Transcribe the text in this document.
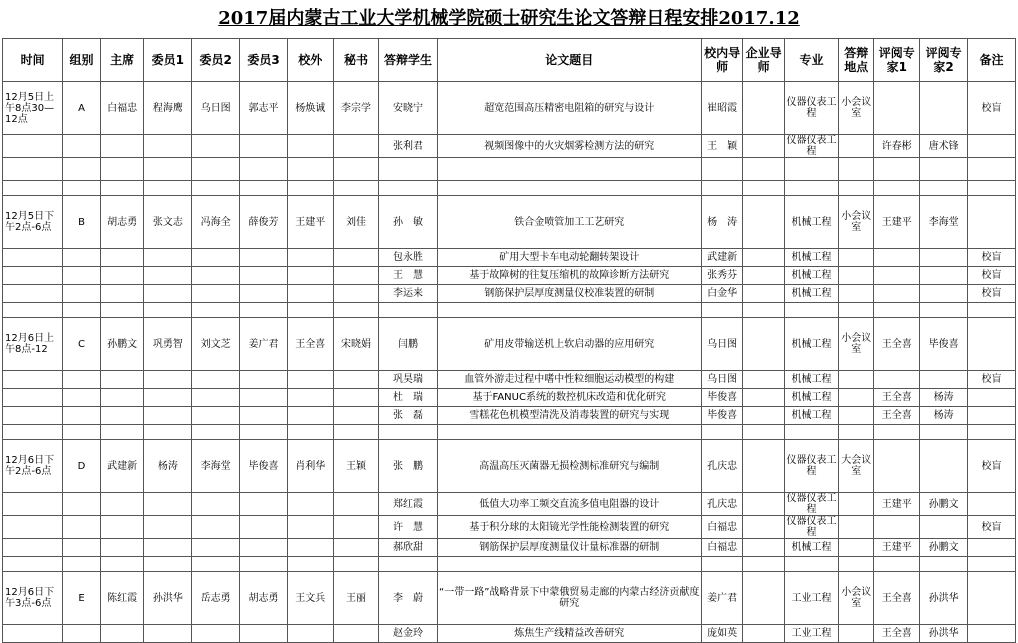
2017届内蒙古工业大学机械学院硕士研究生论文答辩日程安排2017.12
时间	组别	主席	委员1	委员2	委员3	校外	秘书	答辩学生	论文题目	校内导师	企业导师	专业	答辩地点	评阅专家1	评阅专家2	备注
12月5日上午8点30—12点	A	白福忠	程海鹰	乌日图	郭志平	杨焕诚	李宗学	安晓宁	超宽范围高压精密电阻箱的研究与设计	崔昭霞		仪器仪表工程	小会议室			校盲
								张利君	视频图像中的火灾烟雾检测方法的研究	王　颖		仪器仪表工程		许春彬	唐术锋	

12月5日下午2点-6点	B	胡志勇	张文志	冯海全	薛俊芳	王建平	刘佳	孙　敏	铁合金喷管加工工艺研究	杨　涛		机械工程	小会议室	王建平	李海堂	
								包永胜	矿用大型卡车电动轮翻转架设计	武建新		机械工程				校盲
								王　慧	基于故障树的往复压缩机的故障诊断方法研究	张秀芬		机械工程				校盲
								李运来	钢筋保护层厚度测量仪校准装置的研制	白金华		机械工程				校盲

12月6日上午8点-12	C	孙鹏文	巩勇智	刘文芝	姜广君	王全喜	宋晓娟	闫鹏	矿用皮带输送机上软启动器的应用研究	乌日图		机械工程	小会议室	王全喜	毕俊喜	
								巩昊瑞	血管外游走过程中嗜中性粒细胞运动模型的构建	乌日图		机械工程				校盲
								杜　瑞	基于FANUC系统的数控机床改造和优化研究	毕俊喜		机械工程		王全喜	杨涛	
								张　磊	雪糕花色机模型清洗及消毒装置的研究与实现	毕俊喜		机械工程		王全喜	杨涛	

12月6日下午2点-6点	D	武建新	杨涛	李海堂	毕俊喜	肖利华	王颖	张　鹏	高温高压灭菌器无损检测标准研究与编制	孔庆忠		仪器仪表工程	大会议室			校盲
								郑红霞	低值大功率工频交直流多值电阻器的设计	孔庆忠		仪器仪表工程		王建平	孙鹏文	
								许　慧	基于积分球的太阳镜光学性能检测装置的研究	白福忠		仪器仪表工程				校盲
								郝欣甜	钢筋保护层厚度测量仪计量标准器的研制	白福忠		机械工程		王建平	孙鹏文	

12月6日下午3点-6点	E	陈红霞	孙洪华	岳志勇	胡志勇	王文兵	王丽	李　蔚	“一带一路”战略背景下中蒙俄贸易走廊的内蒙古经济贡献度研究	姜广君		工业工程	小会议室	王全喜	孙洪华	
								赵金玲	炼焦生产线精益改善研究	庞如英		工业工程		王全喜	孙洪华	
